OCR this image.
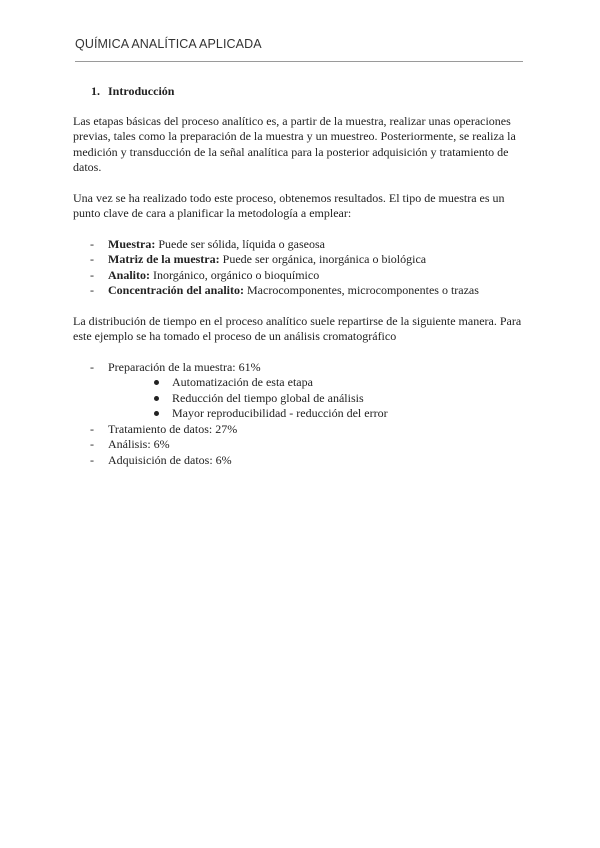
QUÍMICA ANALÍTICA APLICADA
1. Introducción

Las etapas básicas del proceso analítico es, a partir de la muestra, realizar unas operaciones previas, tales como la preparación de la muestra y un muestreo. Posteriormente, se realiza la medición y transducción de la señal analítica para la posterior adquisición y tratamiento de datos.

Una vez se ha realizado todo este proceso, obtenemos resultados. El tipo de muestra es un punto clave de cara a planificar la metodología a emplear:

- Muestra: Puede ser sólida, líquida o gaseosa
- Matriz de la muestra: Puede ser orgánica, inorgánica o biológica
- Analito: Inorgánico, orgánico o bioquímico
- Concentración del analito: Macrocomponentes, microcomponentes o trazas

La distribución de tiempo en el proceso analítico suele repartirse de la siguiente manera. Para este ejemplo se ha tomado el proceso de un análisis cromatográfico

- Preparación de la muestra: 61%
Automatización de esta etapa
Reducción del tiempo global de análisis
Mayor reproducibilidad - reducción del error
- Tratamiento de datos: 27%
- Análisis: 6%
- Adquisición de datos: 6%
